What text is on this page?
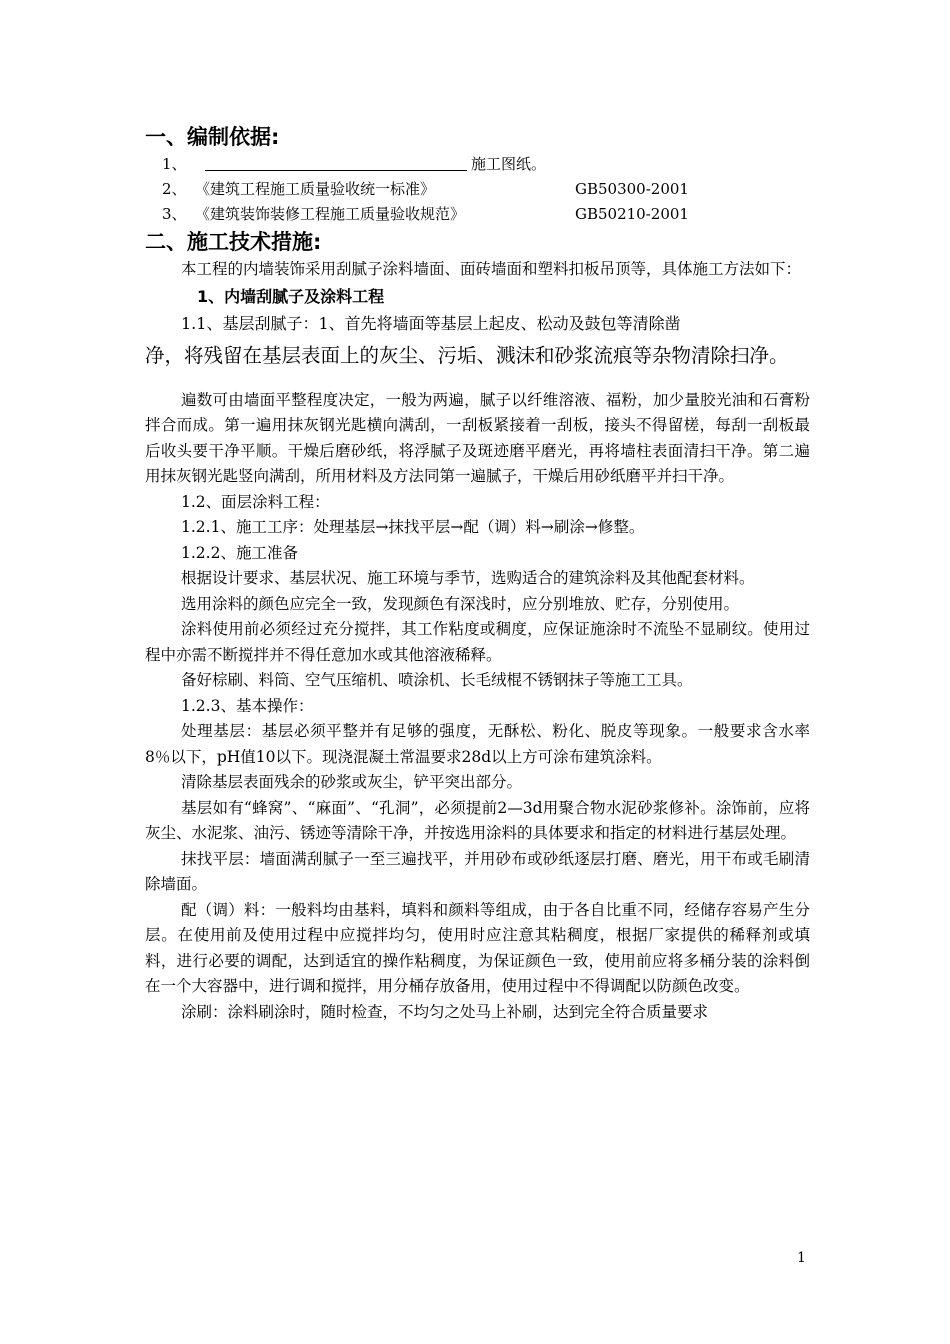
一、编制依据:
1、	施工图纸。
2、 《建筑工程施工质量验收统一标准》	GB50300-2001
3、 《建筑装饰装修工程施工质量验收规范》	GB50210-2001
二、施工技术措施:

本工程的内墙装饰采用刮腻子涂料墙面、面砖墙面和塑料扣板吊顶等，具体施工方法如下：

1、内墙刮腻子及涂料工程

1.1、基层刮腻子：1、首先将墙面等基层上起皮、松动及鼓包等清除凿

净，将残留在基层表面上的灰尘、污垢、溅沫和砂浆流痕等杂物清除扫净。

遍数可由墙面平整程度决定，一般为两遍，腻子以纤维溶液、福粉，加少量胶光油和石膏粉拌合而成。第一遍用抹灰钢光匙横向满刮，一刮板紧接着一刮板，接头不得留槎，每刮一刮板最后收头要干净平顺。干燥后磨砂纸，将浮腻子及斑迹磨平磨光，再将墙柱表面清扫干净。第二遍用抹灰钢光匙竖向满刮，所用材料及方法同第一遍腻子，干燥后用砂纸磨平并扫干净。

1.2、面层涂料工程：

1.2.1、施工工序：处理基层→抹找平层→配（调）料→刷涂→修整。

1.2.2、施工准备

根据设计要求、基层状况、施工环境与季节，选购适合的建筑涂料及其他配套材料。

选用涂料的颜色应完全一致，发现颜色有深浅时，应分别堆放、贮存，分别使用。

涂料使用前必须经过充分搅拌，其工作粘度或稠度，应保证施涂时不流坠不显刷纹。使用过程中亦需不断搅拌并不得任意加水或其他溶液稀释。

备好棕刷、料筒、空气压缩机、喷涂机、长毛绒棍不锈钢抹子等施工工具。

1.2.3、基本操作：

处理基层：基层必须平整并有足够的强度，无酥松、粉化、脱皮等现象。一般要求含水率8％以下，pH值10以下。现浇混凝土常温要求28d以上方可涂布建筑涂料。

清除基层表面残余的砂浆或灰尘，铲平突出部分。

基层如有“蜂窝”、“麻面”、“孔洞”，必须提前2—3d用聚合物水泥砂浆修补。涂饰前，应将灰尘、水泥浆、油污、锈迹等清除干净，并按选用涂料的具体要求和指定的材料进行基层处理。

抹找平层：墙面满刮腻子一至三遍找平，并用砂布或砂纸逐层打磨、磨光，用干布或毛刷清除墙面。

配（调）料：一般料均由基料，填料和颜料等组成，由于各自比重不同，经储存容易产生分层。在使用前及使用过程中应搅拌均匀，使用时应注意其粘稠度，根据厂家提供的稀释剂或填料，进行必要的调配，达到适宜的操作粘稠度，为保证颜色一致，使用前应将多桶分装的涂料倒在一个大容器中，进行调和搅拌，用分桶存放备用，使用过程中不得调配以防颜色改变。

涂刷：涂料刷涂时，随时检查，不均匀之处马上补刷，达到完全符合质量要求

1
